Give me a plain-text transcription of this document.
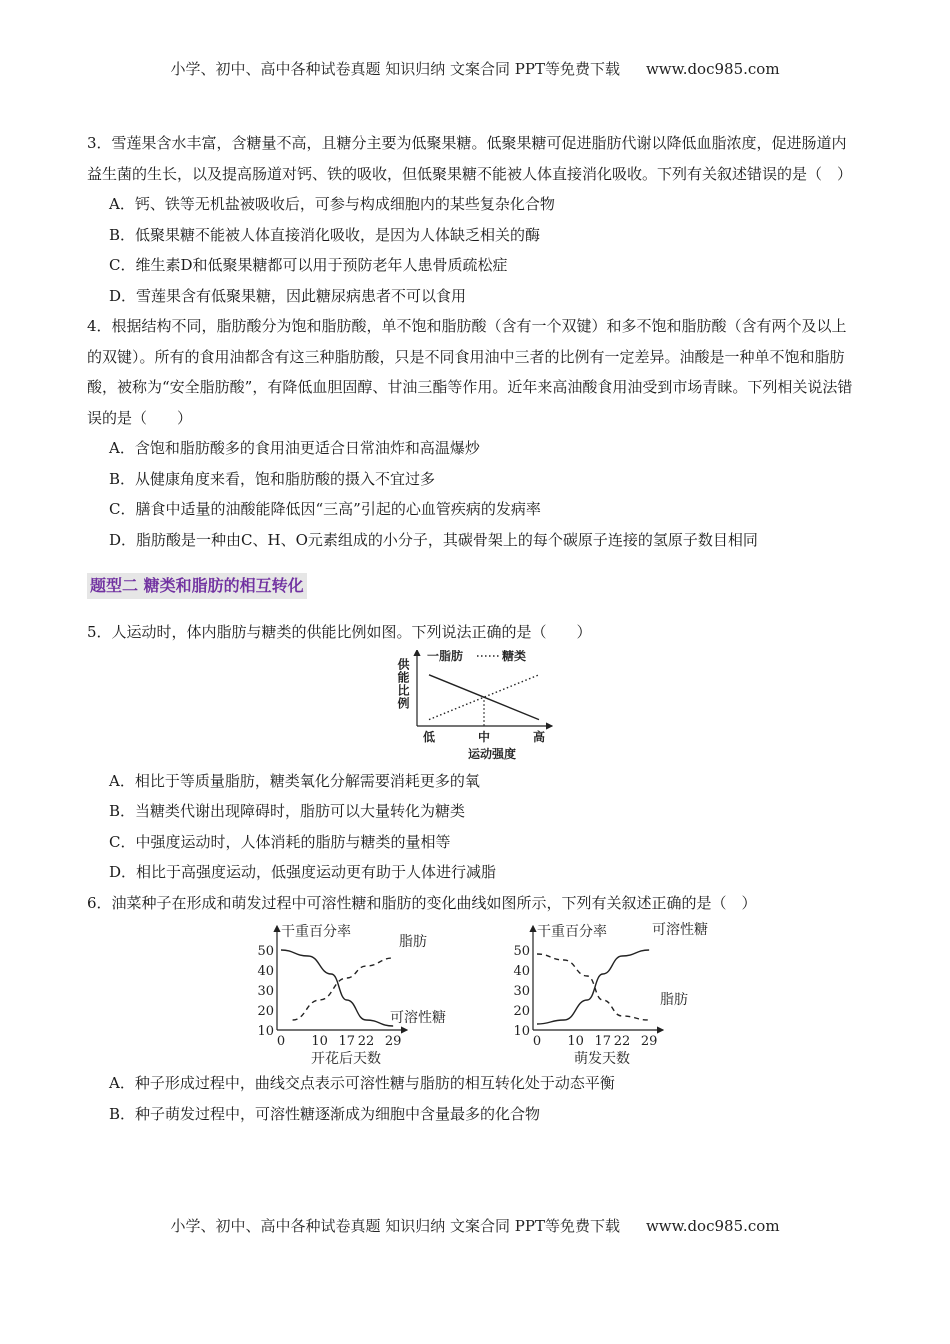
小学、初中、高中各种试卷真题 知识归纳 文案合同 PPT等免费下载 www.doc985.com

3．雪莲果含水丰富，含糖量不高，且糖分主要为低聚果糖。低聚果糖可促进脂肪代谢以降低血脂浓度，促进肠道内益生菌的生长，以及提高肠道对钙、铁的吸收，但低聚果糖不能被人体直接消化吸收。下列有关叙述错误的是（　）

A．钙、铁等无机盐被吸收后，可参与构成细胞内的某些复杂化合物

B．低聚果糖不能被人体直接消化吸收，是因为人体缺乏相关的酶

C．维生素D和低聚果糖都可以用于预防老年人患骨质疏松症

D．雪莲果含有低聚果糖，因此糖尿病患者不可以食用

4．根据结构不同，脂肪酸分为饱和脂肪酸，单不饱和脂肪酸（含有一个双键）和多不饱和脂肪酸（含有两个及以上的双键）。所有的食用油都含有这三种脂肪酸，只是不同食用油中三者的比例有一定差异。油酸是一种单不饱和脂肪酸，被称为“安全脂肪酸”，有降低血胆固醇、甘油三酯等作用。近年来高油酸食用油受到市场青睐。下列相关说法错误的是（　　）

A．含饱和脂肪酸多的食用油更适合日常油炸和高温爆炒

B．从健康角度来看，饱和脂肪酸的摄入不宜过多

C．膳食中适量的油酸能降低因“三高”引起的心血管疾病的发病率

D．脂肪酸是一种由C、H、O元素组成的小分子，其碳骨架上的每个碳原子连接的氢原子数目相同

题型二 糖类和脂肪的相互转化

5．人运动时，体内脂肪与糖类的供能比例如图。下列说法正确的是（　　）

供能比例
低	中	高
运动强度
一脂肪	糖类

A．相比于等质量脂肪，糖类氧化分解需要消耗更多的氧

B．当糖类代谢出现障碍时，脂肪可以大量转化为糖类

C．中强度运动时，人体消耗的脂肪与糖类的量相等

D．相比于高强度运动，低强度运动更有助于人体进行减脂

6．油菜种子在形成和萌发过程中可溶性糖和脂肪的变化曲线如图所示，下列有关叙述正确的是（　）

干重百分率
10
20
30
40
50
0 10 17 22 29
开花后天数
脂肪
可溶性糖
干重百分率
10
20
30
40
50
0 10 17 22 29
萌发天数
可溶性糖
脂肪

A．种子形成过程中，曲线交点表示可溶性糖与脂肪的相互转化处于动态平衡

B．种子萌发过程中，可溶性糖逐渐成为细胞中含量最多的化合物

小学、初中、高中各种试卷真题 知识归纳 文案合同 PPT等免费下载 www.doc985.com
